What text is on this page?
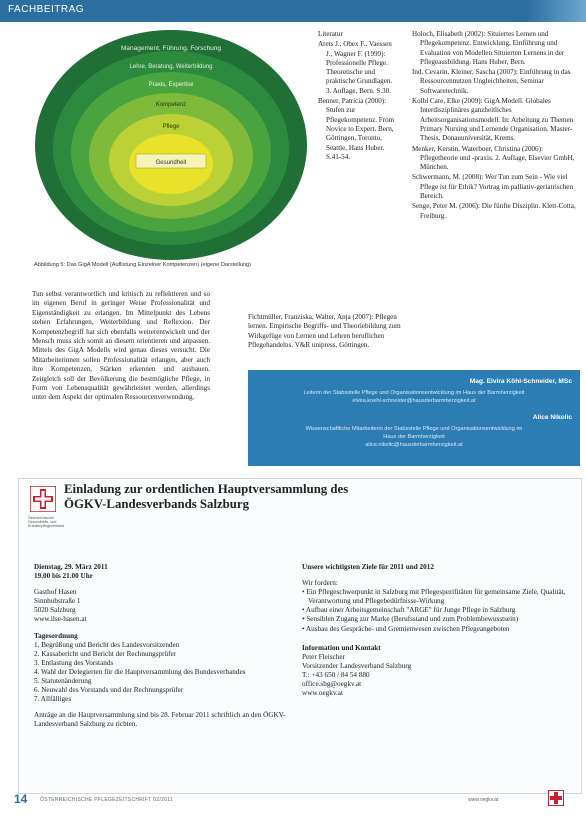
FACHBEITRAG
Management, Führung, Forschung
Lehre, Beratung, Weiterbildung
Praxis, Expertise
Kompetenz
Pflege
Gesundheit
Abbildung 5: Das GigA Modell (Auflistung Einzelner Kompetenzen) (eigene Darstellung)
Tun selbst verantwortlich und kritisch zu reflektieren und so im eigenen Beruf in geringer Weise Professionalität und Eigenständigkeit zu erlangen. Im Mittelpunkt des Lebens stehen Erfahrungen, Weiterbildung und Reflexion. Der Kompetenzbegriff hat sich ebenfalls weiterentwickelt und der Mensch muss sich somit an diesem orientieren und anpassen. Mittels des GigA Modells wird genau dieses versucht. Die Mitarbeiterinnen sollen Professionalität erlangen, aber auch ihre Kompetenzen, Stärken erkennen und ausbauen. Zeitgleich soll der Bevölkerung die bestmögliche Pflege, in Form von Lebensqualität gewährleistet werden, allerdings unter dem Aspekt der optimalen Ressourcenverwendung.

Literatur

Arets J., Obex F., Vaessen J., Wagner F. (1999): Professionelle Pflege. Theoretische und praktische Grundlagen. 3. Auflage, Bern. S.30.

Benner, Patricia (2000): Stufen zur Pflegekompetenz. From Novice to Expert. Bern, Göttingen, Toronto, Seattle, Hans Huber. S.41-54.

Fichtmüller, Franziska, Walter, Anja (2007): Pflegen lernen. Empirische Begriffs- und Theoriebildung zum Wirkgefüge von Lernen und Lehren beruflichen Pflegehandelns. V&R unipress, Göttingen.

Holoch, Elisabeth (2002): Situiertes Lernen und Pflegekompetenz. Entwicklung, Einführung und Evaluation von Modellen Situierten Lernens in der Pflegeausbildung. Hans Huber, Bern.

Ind. Cevarin, Kleiner, Sascha (2007): Einführung in das Ressourcennutzen Ungleichheiten, Seminar Softwaretechnik.

Kolbl Care, Elke (2009): GigA Modell. Globales Interdisziplinäres ganzheitliches Arbeitsorganisationsmodell. In: Arbeitung zu Themen Primary Nursing und Lernende Organisation. Master-Thesis, Donauuniversität, Krems.

Menker, Kerstin, Waterboer, Christina (2006): Pflegetheorie und -praxis. 2. Auflage, Elsevier GmbH, München.

Schwermann, M. (2008): Wer Tun zum Sein - Wie viel Pflege ist für Ethik? Vortrag im palliativ-geriatrischen Bereich.

Senge, Peter M. (2006): Die fünfte Disziplin. Klett-Cotta, Freiburg.

Mag. Elvira Köhl-Schneider, MSc
Leiterin der Stabsstelle Pflege und Organisationsentwicklung im Haus der Barmherzigkeit
elvira.koehl-schneider@hausderbarmherzigkeit.at
Alice Nikolic
Wissenschaftliche Mitarbeiterin der Stabsstelle Pflege und Organisationsentwicklung im
Haus der Barmherzigkeit
alice.nikolic@hausderbarmherzigkeit.at
Österreichischer Gesundheits- und Krankenpflegeverband
Einladung zur ordentlichen Hauptversammlung des
ÖGKV-Landesverbands Salzburg
Dienstag, 29. März 2011
19.00 bis 21.00 Uhr
Gasthof Hasen
Sinnhubstraße 1
5020 Salzburg
www.ilse-hasen.at
Tagesordnung

1. Begrüßung und Bericht des Landesvorsitzenden

2. Kassabericht und Bericht der Rechnungsprüfer

3. Entlastung des Vorstands

4. Wahl der Delegierten für die Hauptversammlung des Bundesverbandes

5. Statutenänderung

6. Neuwahl des Vorstands und der Rechnungsprüfer

7. Allfälliges

Anträge an die Hauptversammlung sind bis 28. Februar 2011 schriftlich an den ÖGKV-Landesverband Salzburg zu richten.
Unsere wichtigsten Ziele für 2011 und 2012
Wir fordern:

• Ein Pflegeschwerpunkt in Salzburg mit Pflegespezifitäten für gemeinsame Ziele, Qualität, Verantwortung und Pflegebedürfnisse-Wirkung

• Aufbau einer Arbeitsgemeinschaft "ARGE" für Junge Pflege in Salzburg

• Sensiblen Zugang zur Marke (Berufsstand und zum Problembewusstsein)

• Ausbau des Gespräche- und Gremienwesen zwischen Pflegeangeboten

Information und Kontakt
Peter Fleischer
Vorsitzender Landesverband Salzburg
T.: +43 650 / 84 54 880
office.sbg@oegkv.at
www.oegkv.at
14	ÖSTERREICHISCHE PFLEGEZEITSCHRIFT 02/2011	www.oegkv.at
